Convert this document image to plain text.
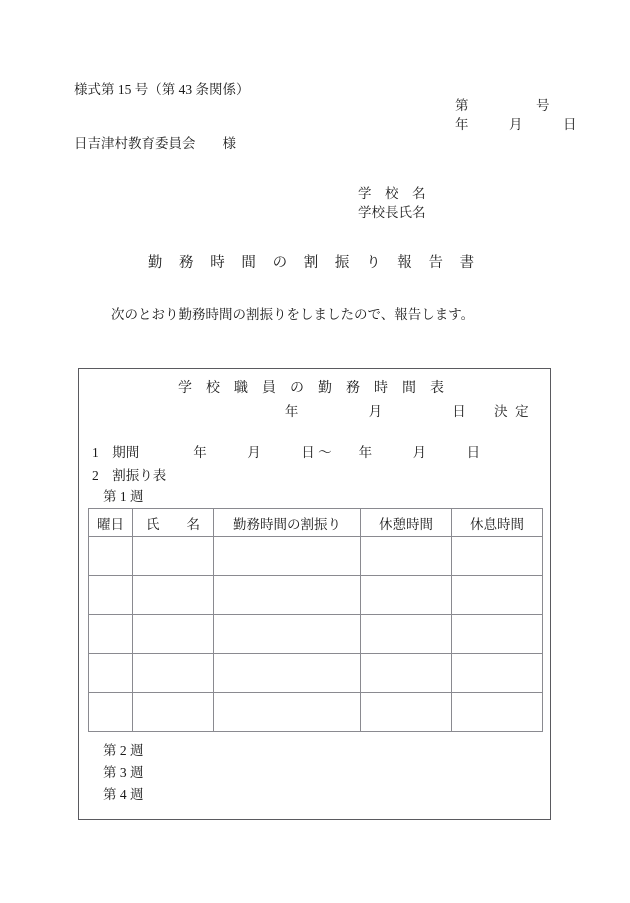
様式第 15 号（第 43 条関係）
第　　　　　号
年　　　月　　　日
日吉津村教育委員会　　様
学　校　名
学校長氏名
勤務時間の割振り報告書
次のとおり勤務時間の割振りをしましたので、報告します。
学校職員の勤務時間表
年　　　月　　　日　決定
1　期間　　　　年　　　月　　　日 〜　　年　　　月　　　日
2　割振り表
第 1 週
曜日	氏　　名	勤務時間の割振り	休憩時間	休息時間

第 2 週
第 3 週
第 4 週
